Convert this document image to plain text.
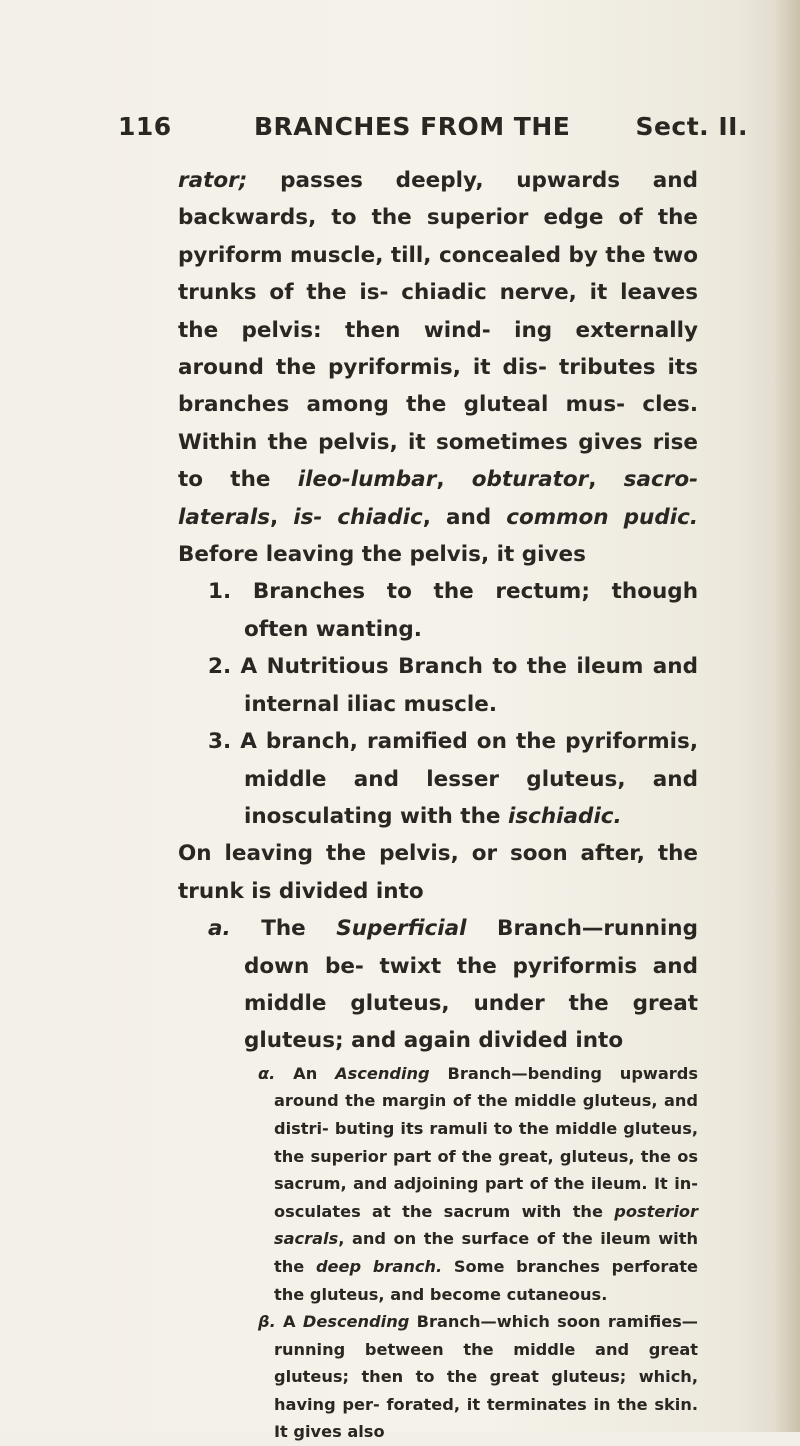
116	BRANCHES FROM THE	Sect. II.

rator; passes deeply, upwards and backwards, to the superior edge of the pyriform muscle, till, concealed by the two trunks of the is- chiadic nerve, it leaves the pelvis: then wind- ing externally around the pyriformis, it dis- tributes its branches among the gluteal mus- cles. Within the pelvis, it sometimes gives rise to the ileo-lumbar, obturator, sacro-laterals, is- chiadic, and common pudic. Before leaving the pelvis, it gives

1. Branches to the rectum; though often wanting.

2. A Nutritious Branch to the ileum and internal iliac muscle.

3. A branch, ramified on the pyriformis, middle and lesser gluteus, and inosculating with the ischiadic.

On leaving the pelvis, or soon after, the trunk is divided into

a. The Superficial Branch—running down be- twixt the pyriformis and middle gluteus, under the great gluteus; and again divided into

α. An Ascending Branch—bending upwards around the margin of the middle gluteus, and distri- buting its ramuli to the middle gluteus, the superior part of the great, gluteus, the os sacrum, and adjoining part of the ileum. It in- osculates at the sacrum with the posterior sacrals, and on the surface of the ileum with the deep branch. Some branches perforate the gluteus, and become cutaneous.

β. A Descending Branch—which soon ramifies— running between the middle and great gluteus; then to the great gluteus; which, having per- forated, it terminates in the skin. It gives also
